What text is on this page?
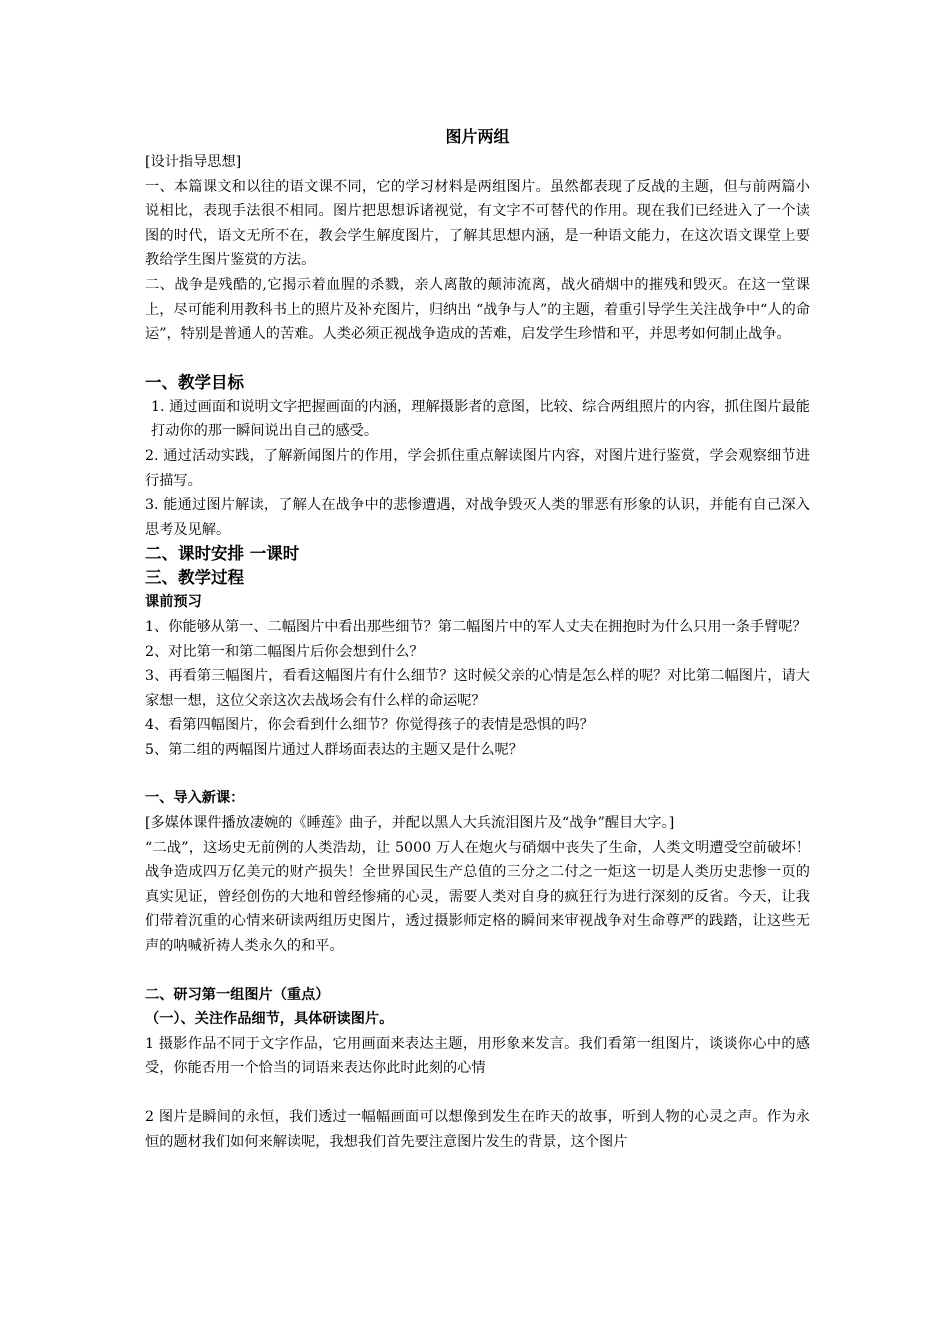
图片两组

[设计指导思想]

一、本篇课文和以往的语文课不同，它的学习材料是两组图片。虽然都表现了反战的主题，但与前两篇小说相比，表现手法很不相同。图片把思想诉诸视觉，有文字不可替代的作用。现在我们已经进入了一个读图的时代，语文无所不在，教会学生解度图片，了解其思想内涵，是一种语文能力，在这次语文课堂上要教给学生图片鉴赏的方法。

二、战争是残酷的,它揭示着血腥的杀戮，亲人离散的颠沛流离，战火硝烟中的摧残和毁灭。在这一堂课上，尽可能利用教科书上的照片及补充图片，归纳出 “战争与人”的主题，着重引导学生关注战争中“人的命运”，特别是普通人的苦难。人类必须正视战争造成的苦难，启发学生珍惜和平，并思考如何制止战争。

一、教学目标

1. 通过画面和说明文字把握画面的内涵，理解摄影者的意图，比较、综合两组照片的内容，抓住图片最能打动你的那一瞬间说出自己的感受。

2. 通过活动实践，了解新闻图片的作用，学会抓住重点解读图片内容，对图片进行鉴赏，学会观察细节进行描写。

3. 能通过图片解读，了解人在战争中的悲惨遭遇，对战争毁灭人类的罪恶有形象的认识，并能有自己深入思考及见解。

二、课时安排 一课时

三、教学过程

课前预习

1、你能够从第一、二幅图片中看出那些细节？第二幅图片中的军人丈夫在拥抱时为什么只用一条手臂呢？

2、对比第一和第二幅图片后你会想到什么？

3、再看第三幅图片，看看这幅图片有什么细节？这时候父亲的心情是怎么样的呢？对比第二幅图片，请大家想一想，这位父亲这次去战场会有什么样的命运呢？

4、看第四幅图片，你会看到什么细节？你觉得孩子的表情是恐惧的吗？

5、第二组的两幅图片通过人群场面表达的主题又是什么呢？

一、导入新课：

[多媒体课件播放凄婉的《睡莲》曲子，并配以黑人大兵流泪图片及“战争”醒目大字。]

“二战”，这场史无前例的人类浩劫，让 5000 万人在炮火与硝烟中丧失了生命，人类文明遭受空前破坏！战争造成四万亿美元的财产损失！全世界国民生产总值的三分之二付之一炬这一切是人类历史悲惨一页的真实见证，曾经创伤的大地和曾经惨痛的心灵，需要人类对自身的疯狂行为进行深刻的反省。今天，让我们带着沉重的心情来研读两组历史图片，透过摄影师定格的瞬间来审视战争对生命尊严的践踏，让这些无声的呐喊祈祷人类永久的和平。

二、研习第一组图片（重点）

（一）、关注作品细节，具体研读图片。

1 摄影作品不同于文字作品，它用画面来表达主题，用形象来发言。我们看第一组图片，谈谈你心中的感受，你能否用一个恰当的词语来表达你此时此刻的心情

2 图片是瞬间的永恒，我们透过一幅幅画面可以想像到发生在昨天的故事，听到人物的心灵之声。作为永恒的题材我们如何来解读呢，我想我们首先要注意图片发生的背景，这个图片
